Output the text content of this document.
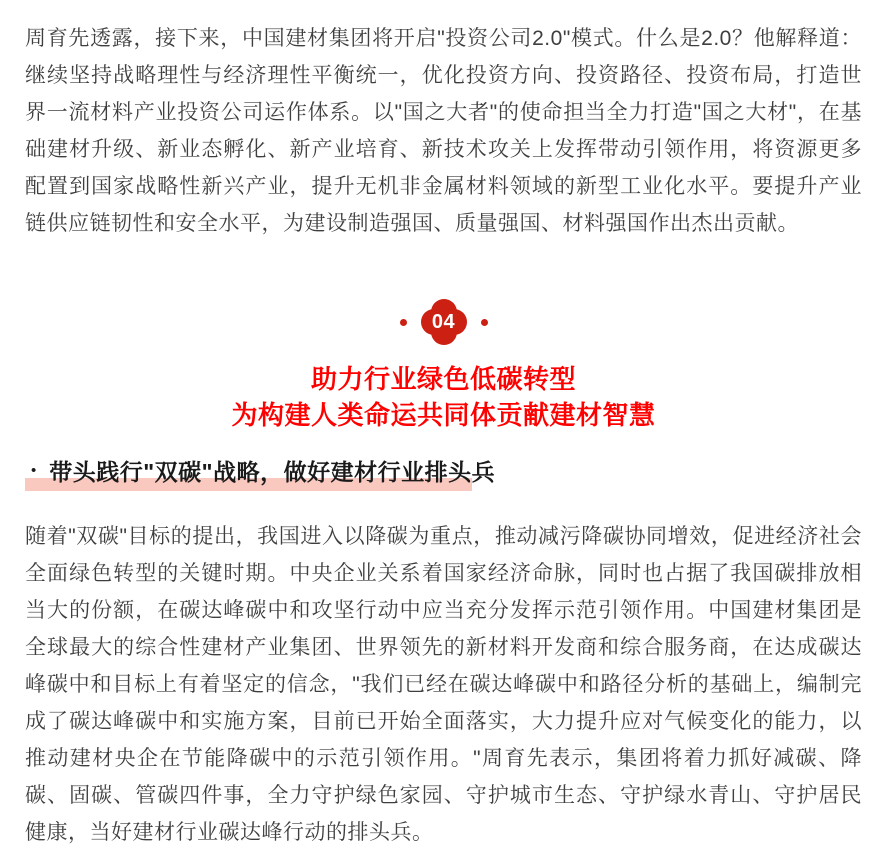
周育先透露，接下来，中国建材集团将开启"投资公司2.0"模式。什么是2.0？他解释道：继续坚持战略理性与经济理性平衡统一，优化投资方向、投资路径、投资布局，打造世界一流材料产业投资公司运作体系。以"国之大者"的使命担当全力打造"国之大材"，在基础建材升级、新业态孵化、新产业培育、新技术攻关上发挥带动引领作用，将资源更多配置到国家战略性新兴产业，提升无机非金属材料领域的新型工业化水平。要提升产业链供应链韧性和安全水平，为建设制造强国、质量强国、材料强国作出杰出贡献。

04
助力行业绿色低碳转型
为构建人类命运共同体贡献建材智慧
• 带头践行"双碳"战略，做好建材行业排头兵

随着"双碳"目标的提出，我国进入以降碳为重点，推动减污降碳协同增效，促进经济社会全面绿色转型的关键时期。中央企业关系着国家经济命脉，同时也占据了我国碳排放相当大的份额，在碳达峰碳中和攻坚行动中应当充分发挥示范引领作用。中国建材集团是全球最大的综合性建材产业集团、世界领先的新材料开发商和综合服务商，在达成碳达峰碳中和目标上有着坚定的信念，"我们已经在碳达峰碳中和路径分析的基础上，编制完成了碳达峰碳中和实施方案，目前已开始全面落实，大力提升应对气候变化的能力，以推动建材央企在节能降碳中的示范引领作用。"周育先表示，集团将着力抓好减碳、降碳、固碳、管碳四件事，全力守护绿色家园、守护城市生态、守护绿水青山、守护居民健康，当好建材行业碳达峰行动的排头兵。
